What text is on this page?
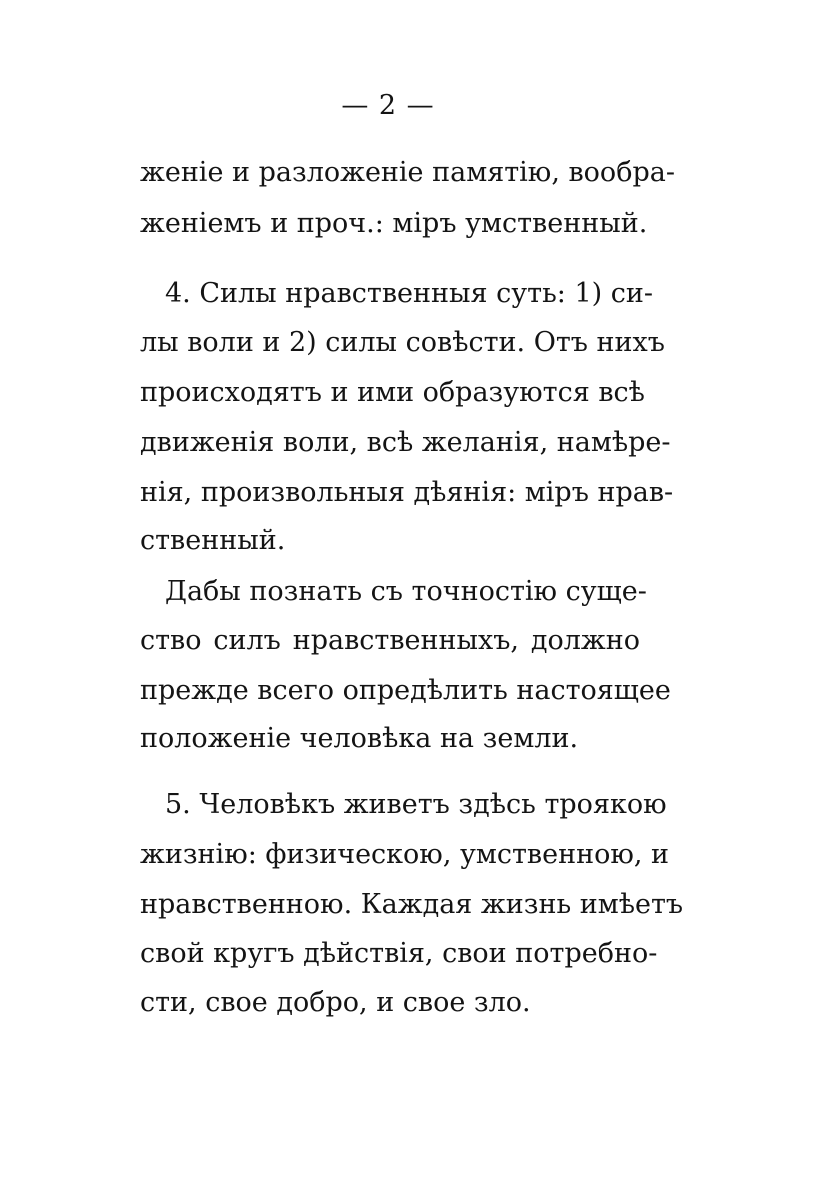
— 2 —
женіе и разложеніе памятію, вообра-
женіемъ и проч.: міръ умственный.
4. Силы нравственныя суть: 1) си-
лы воли и 2) силы совѣсти. Отъ нихъ
происходятъ и ими образуются всѣ
движенія воли, всѣ желанія, намѣре-
нія, произвольныя дѣянія: міръ нрав-
ственный.
Дабы познать съ точностію суще-
ство силъ нравственныхъ, должно
прежде всего опредѣлить настоящее
положеніе человѣка на земли.
5. Человѣкъ живетъ здѣсь троякою
жизнію: физическою, умственною, и
нравственною. Каждая жизнь имѣетъ
свой кругъ дѣйствія, свои потребно-
сти, свое добро, и свое зло.
